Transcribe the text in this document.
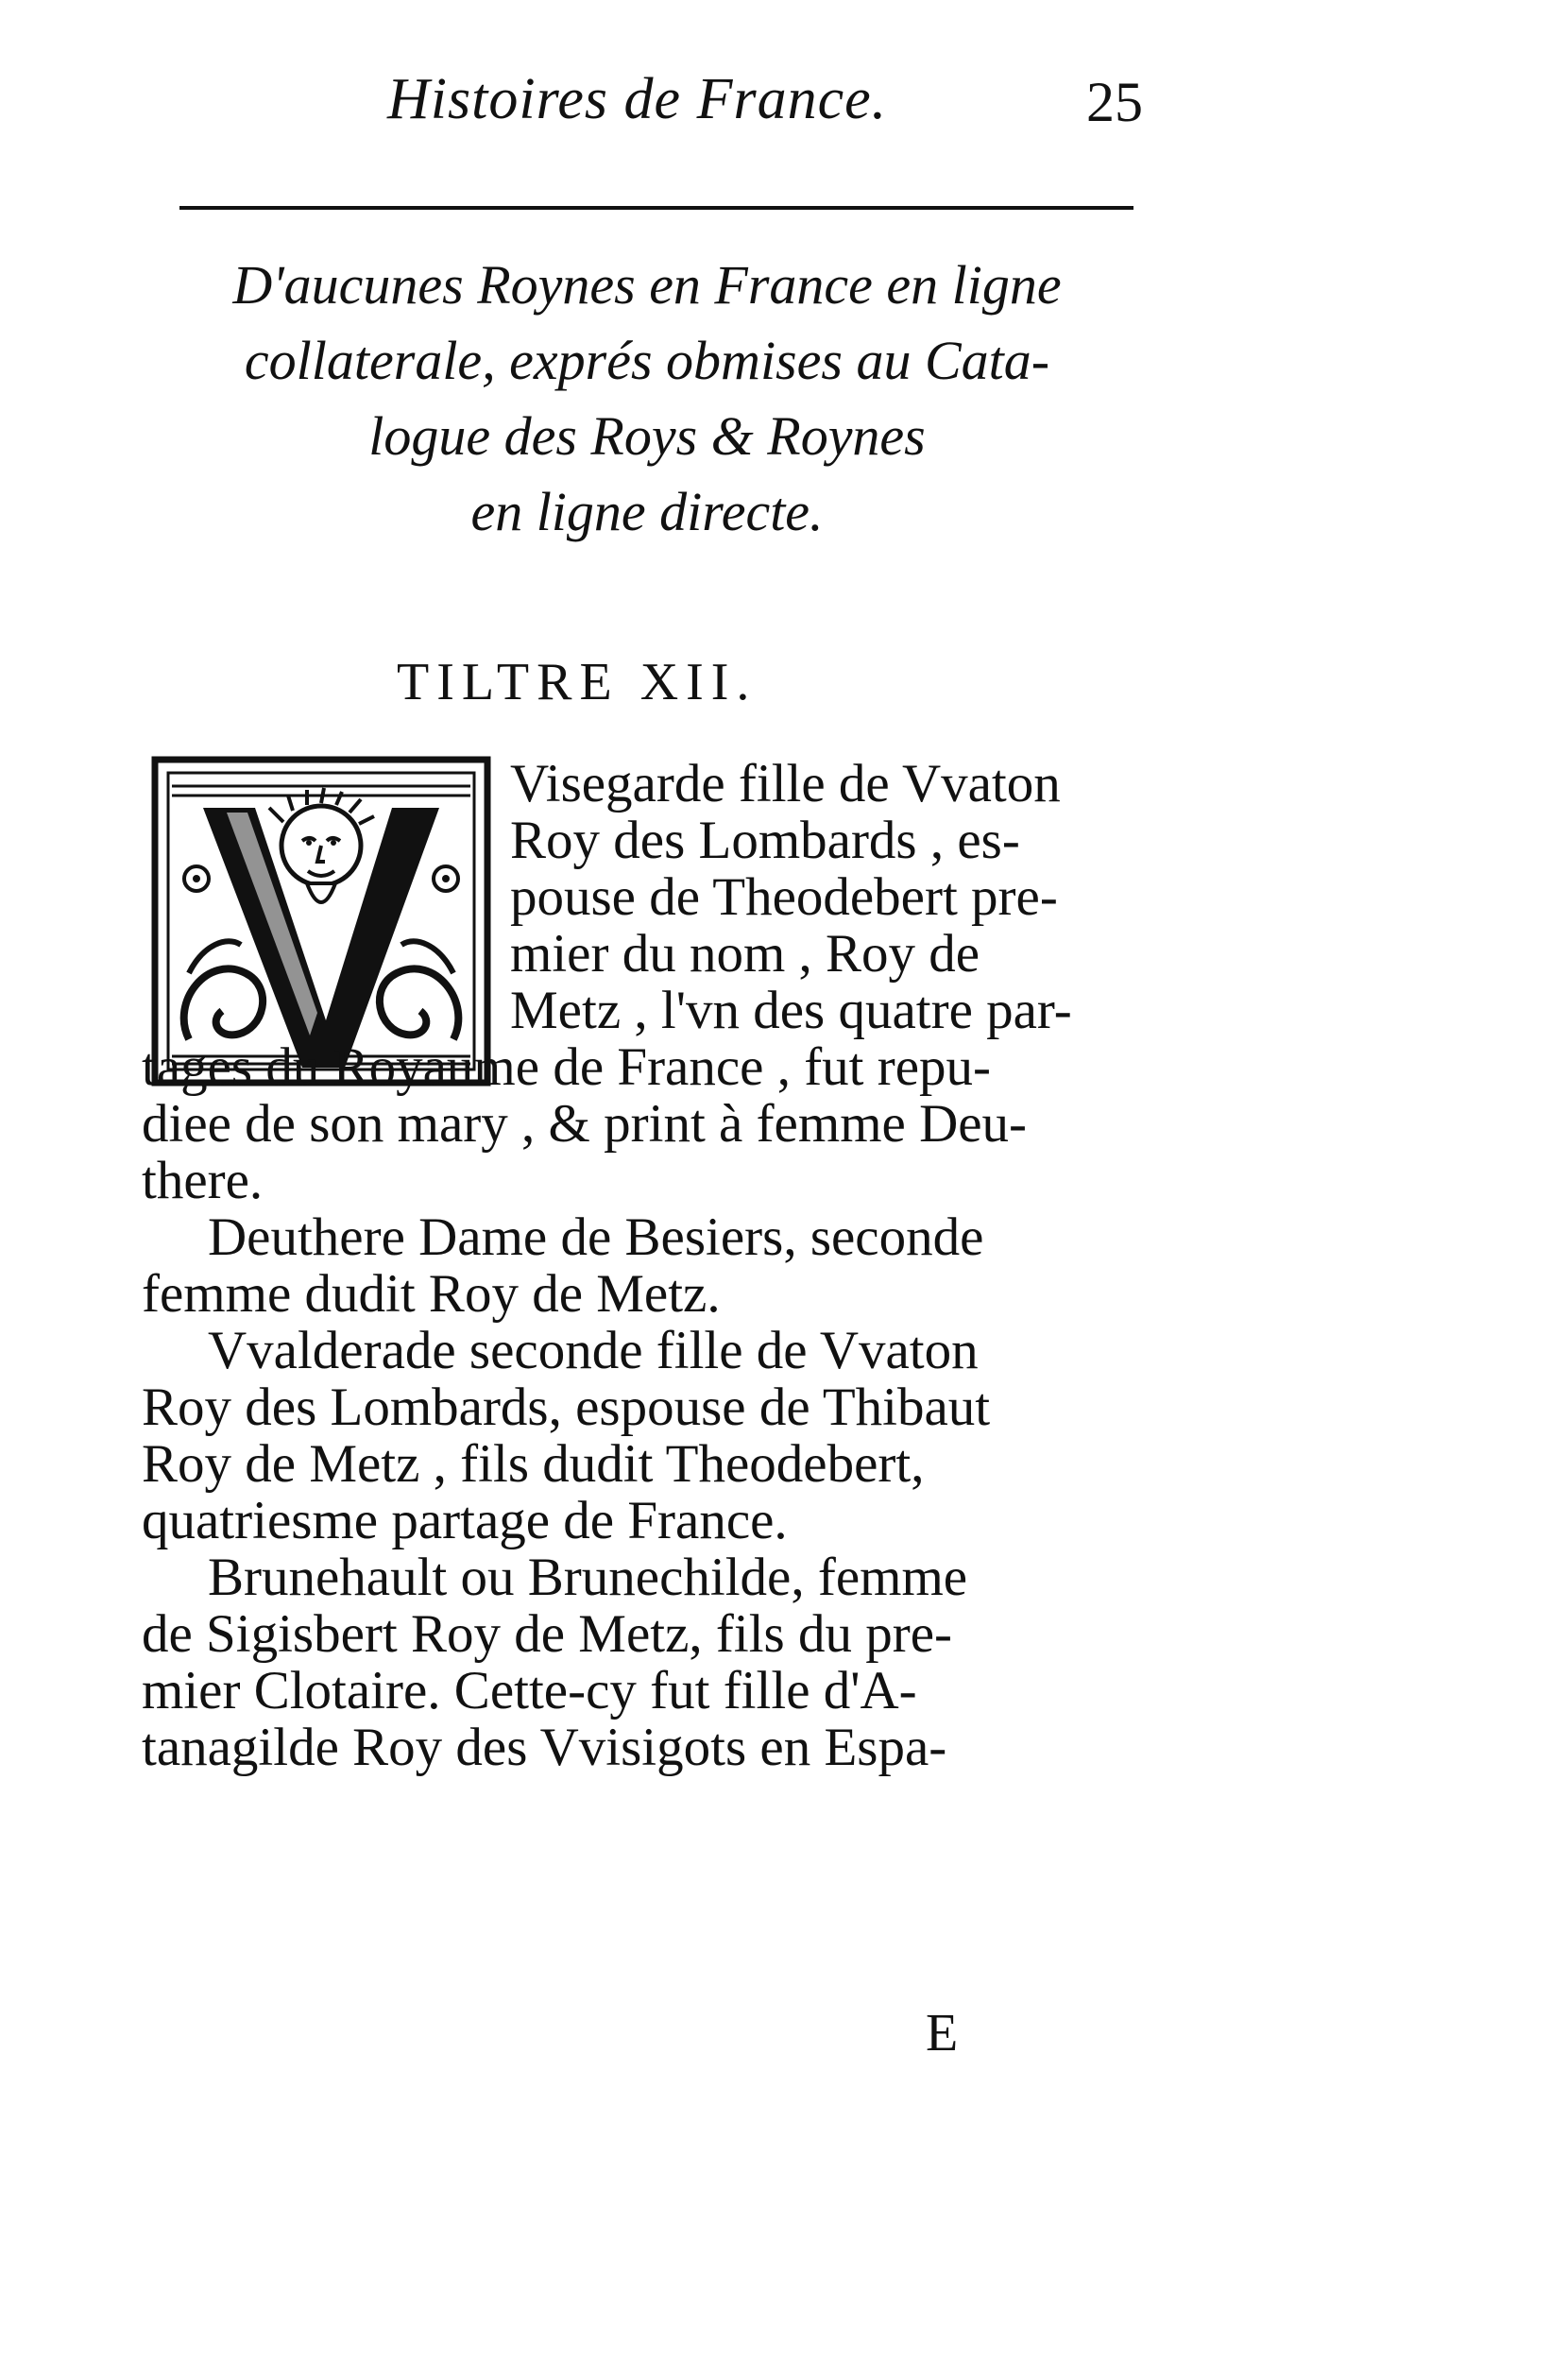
Histoires de France.	25
D'aucunes Roynes en France en ligne
collaterale, exprés obmises au Cata-
logue des Roys & Roynes
en ligne directe.
TILTRE XII.
Visegarde fille de Vvaton
Roy des Lombards , es-
pouse de Theodebert pre-
mier du nom , Roy de
Metz , l'vn des quatre par-
tages du Royaume de France , fut repu-
diee de son mary , & print à femme Deu-
there.
Deuthere Dame de Besiers, seconde
femme dudit Roy de Metz.
Vvalderade seconde fille de Vvaton
Roy des Lombards, espouse de Thibaut
Roy de Metz , fils dudit Theodebert,
quatriesme partage de France.
Brunehault ou Brunechilde, femme
de Sigisbert Roy de Metz, fils du pre-
mier Clotaire. Cette-cy fut fille d'A-
tanagilde Roy des Vvisigots en Espa-
E
